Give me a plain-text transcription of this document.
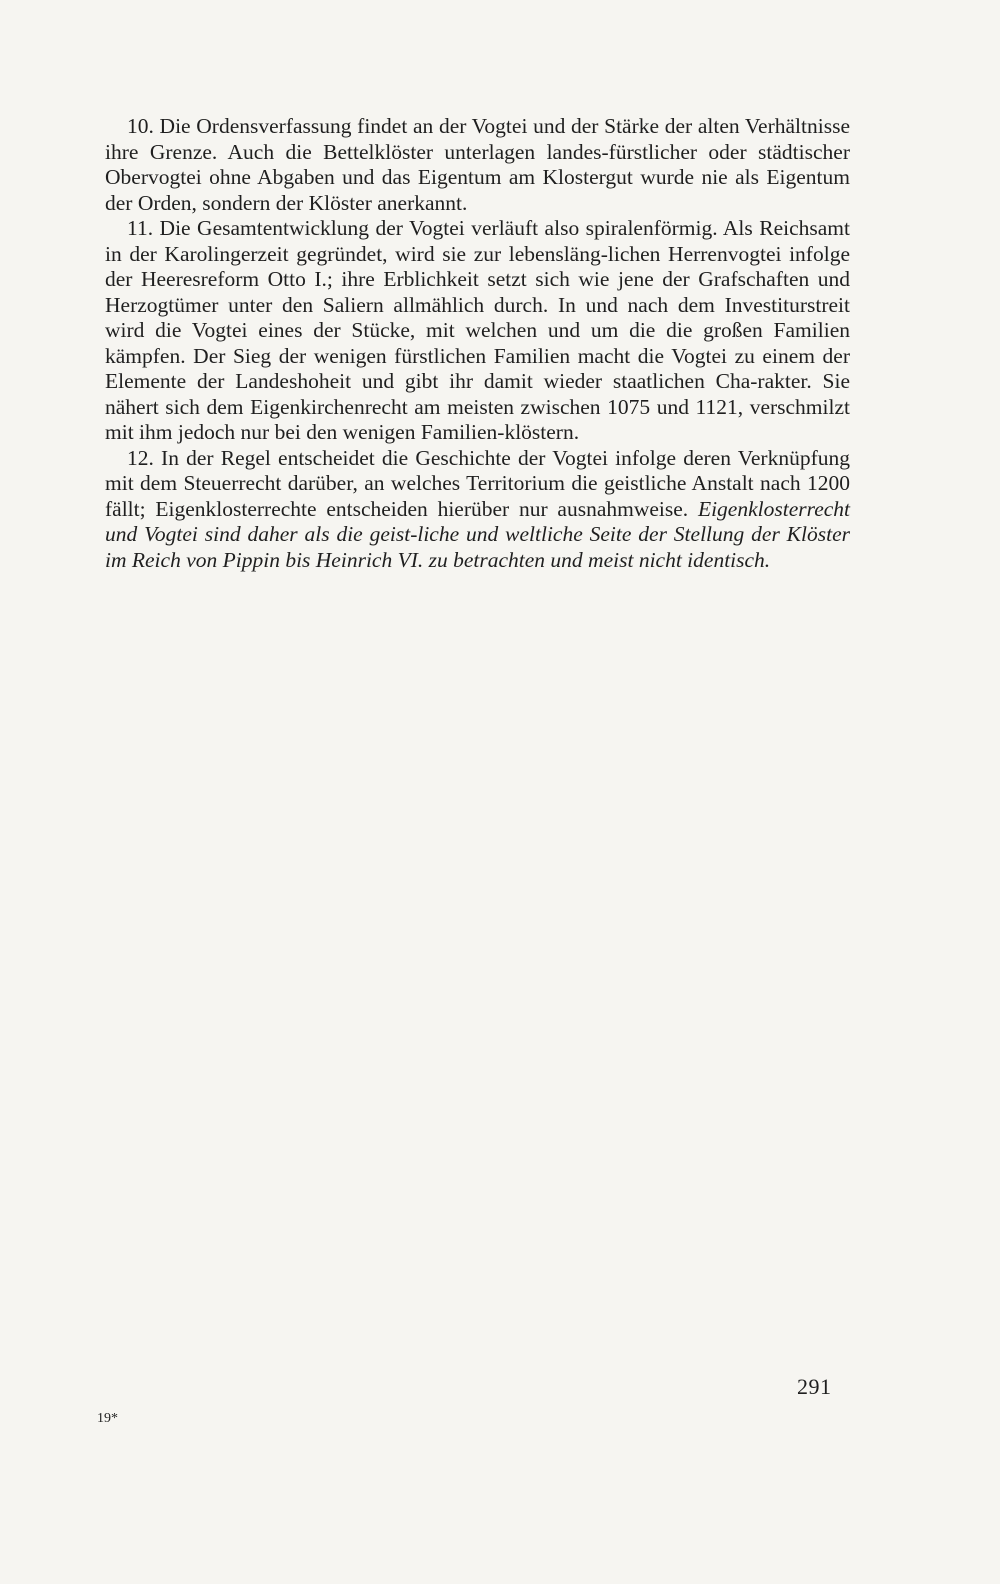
10. Die Ordensverfassung findet an der Vogtei und der Stärke der alten Verhältnisse ihre Grenze. Auch die Bettelklöster unterlagen landes-fürstlicher oder städtischer Obervogtei ohne Abgaben und das Eigentum am Klostergut wurde nie als Eigentum der Orden, sondern der Klöster anerkannt.

11. Die Gesamtentwicklung der Vogtei verläuft also spiralenförmig. Als Reichsamt in der Karolingerzeit gegründet, wird sie zur lebensläng-lichen Herrenvogtei infolge der Heeresreform Otto I.; ihre Erblichkeit setzt sich wie jene der Grafschaften und Herzogtümer unter den Saliern allmählich durch. In und nach dem Investiturstreit wird die Vogtei eines der Stücke, mit welchen und um die die großen Familien kämpfen. Der Sieg der wenigen fürstlichen Familien macht die Vogtei zu einem der Elemente der Landeshoheit und gibt ihr damit wieder staatlichen Cha-rakter. Sie nähert sich dem Eigenkirchenrecht am meisten zwischen 1075 und 1121, verschmilzt mit ihm jedoch nur bei den wenigen Familien-klöstern.

12. In der Regel entscheidet die Geschichte der Vogtei infolge deren Verknüpfung mit dem Steuerrecht darüber, an welches Territorium die geistliche Anstalt nach 1200 fällt; Eigenklosterrechte entscheiden hierüber nur ausnahmweise. Eigenklosterrecht und Vogtei sind daher als die geist-liche und weltliche Seite der Stellung der Klöster im Reich von Pippin bis Heinrich VI. zu betrachten und meist nicht identisch.

291
19*
